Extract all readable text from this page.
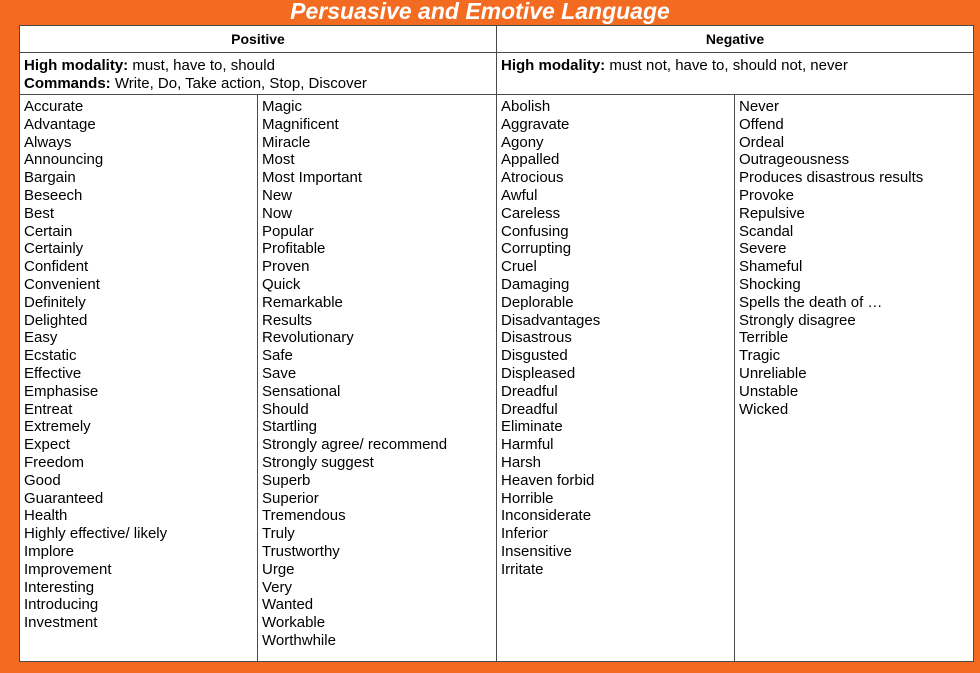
Persuasive and Emotive Language
Positive	Negative
High modality: must, have to, should
Commands: Write, Do, Take action, Stop, Discover
High modality: must not, have to, should not, never
Accurate
Advantage
Always
Announcing
Bargain
Beseech
Best
Certain
Certainly
Confident
Convenient
Definitely
Delighted
Easy
Ecstatic
Effective
Emphasise
Entreat
Extremely
Expect
Freedom
Good
Guaranteed
Health
Highly effective/ likely
Implore
Improvement
Interesting
Introducing
Investment
Magic
Magnificent
Miracle
Most
Most Important
New
Now
Popular
Profitable
Proven
Quick
Remarkable
Results
Revolutionary
Safe
Save
Sensational
Should
Startling
Strongly agree/ recommend
Strongly suggest
Superb
Superior
Tremendous
Truly
Trustworthy
Urge
Very
Wanted
Workable
Worthwhile
Abolish
Aggravate
Agony
Appalled
Atrocious
Awful
Careless
Confusing
Corrupting
Cruel
Damaging
Deplorable
Disadvantages
Disastrous
Disgusted
Displeased
Dreadful
Dreadful
Eliminate
Harmful
Harsh
Heaven forbid
Horrible
Inconsiderate
Inferior
Insensitive
Irritate
Never
Offend
Ordeal
Outrageousness
Produces disastrous results
Provoke
Repulsive
Scandal
Severe
Shameful
Shocking
Spells the death of …
Strongly disagree
Terrible
Tragic
Unreliable
Unstable
Wicked
